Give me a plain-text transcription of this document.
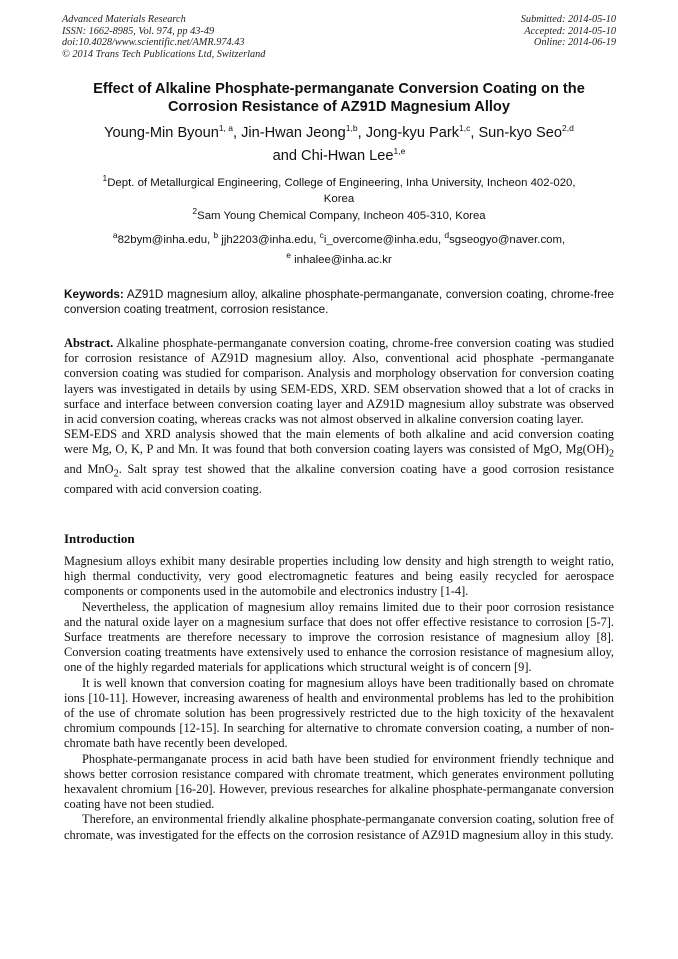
Advanced Materials Research
ISSN: 1662-8985, Vol. 974, pp 43-49
doi:10.4028/www.scientific.net/AMR.974.43
© 2014 Trans Tech Publications Ltd, Switzerland
Submitted: 2014-05-10
Accepted: 2014-05-10
Online: 2014-06-19
Effect of Alkaline Phosphate-permanganate Conversion Coating on the
Corrosion Resistance of AZ91D Magnesium Alloy
Young-Min Byoun$^{1, a}$, Jin-Hwan Jeong$^{1,b}$, Jong-kyu Park$^{1,c}$, Sun-kyo Seo$^{2,d}$
and Chi-Hwan Lee$^{1,e}$
$^1$Dept. of Metallurgical Engineering, College of Engineering, Inha University, Incheon 402-020,
Korea
$^2$Sam Young Chemical Company, Incheon 405-310, Korea
$^a$82bym@inha.edu, $^b$ jjh2203@inha.edu, $^c$i_overcome@inha.edu, $^d$sgseogyo@naver.com,
$^e$ inhalee@inha.ac.kr
Keywords: AZ91D magnesium alloy, alkaline phosphate-permanganate, conversion coating, chrome-free conversion coating treatment, corrosion resistance.

Abstract. Alkaline phosphate-permanganate conversion coating, chrome-free conversion coating was studied for corrosion resistance of AZ91D magnesium alloy. Also, conventional acid phosphate -permanganate conversion coating was studied for comparison. Analysis and morphology observation for conversion coating layers was investigated in details by using SEM-EDS, XRD. SEM observation showed that a lot of cracks in surface and interface between conversion coating layer and AZ91D magnesium alloy substrate was observed in acid conversion coating, whereas cracks was not almost observed in alkaline conversion coating layer.

SEM-EDS and XRD analysis showed that the main elements of both alkaline and acid conversion coating were Mg, O, K, P and Mn. It was found that both conversion coating layers was consisted of MgO, $Mg(OH)_2$ and MnO$_2$. Salt spray test showed that the alkaline conversion coating have a good corrosion resistance compared with acid conversion coating.

Introduction

Magnesium alloys exhibit many desirable properties including low density and high strength to weight ratio, high thermal conductivity, very good electromagnetic features and being easily recycled for aerospace components or components used in the automobile and electronics industry [1-4].

Nevertheless, the application of magnesium alloy remains limited due to their poor corrosion resistance and the natural oxide layer on a magnesium surface that does not offer effective resistance to corrosion [5-7]. Surface treatments are therefore necessary to improve the corrosion resistance of magnesium alloy [8]. Conversion coating treatments have extensively used to enhance the corrosion resistance of magnesium alloy, one of the highly regarded materials for applications which structural weight is of concern [9].

It is well known that conversion coating for magnesium alloys have been traditionally based on chromate ions [10-11]. However, increasing awareness of health and environmental problems has led to the prohibition of the use of chromate solution has been progressively restricted due to the high toxicity of the hexavalent chromium compounds [12-15]. In searching for alternative to chromate conversion coating, a number of non-chromate bath have recently been developed.

Phosphate-permanganate process in acid bath have been studied for environment friendly technique and shows better corrosion resistance compared with chromate treatment, which generates environment polluting hexavalent chromium [16-20]. However, previous researches for alkaline phosphate-permanganate conversion coating have not been studied.

Therefore, an environmental friendly alkaline phosphate-permanganate conversion coating, solution free of chromate, was investigated for the effects on the corrosion resistance of AZ91D magnesium alloy in this study.
